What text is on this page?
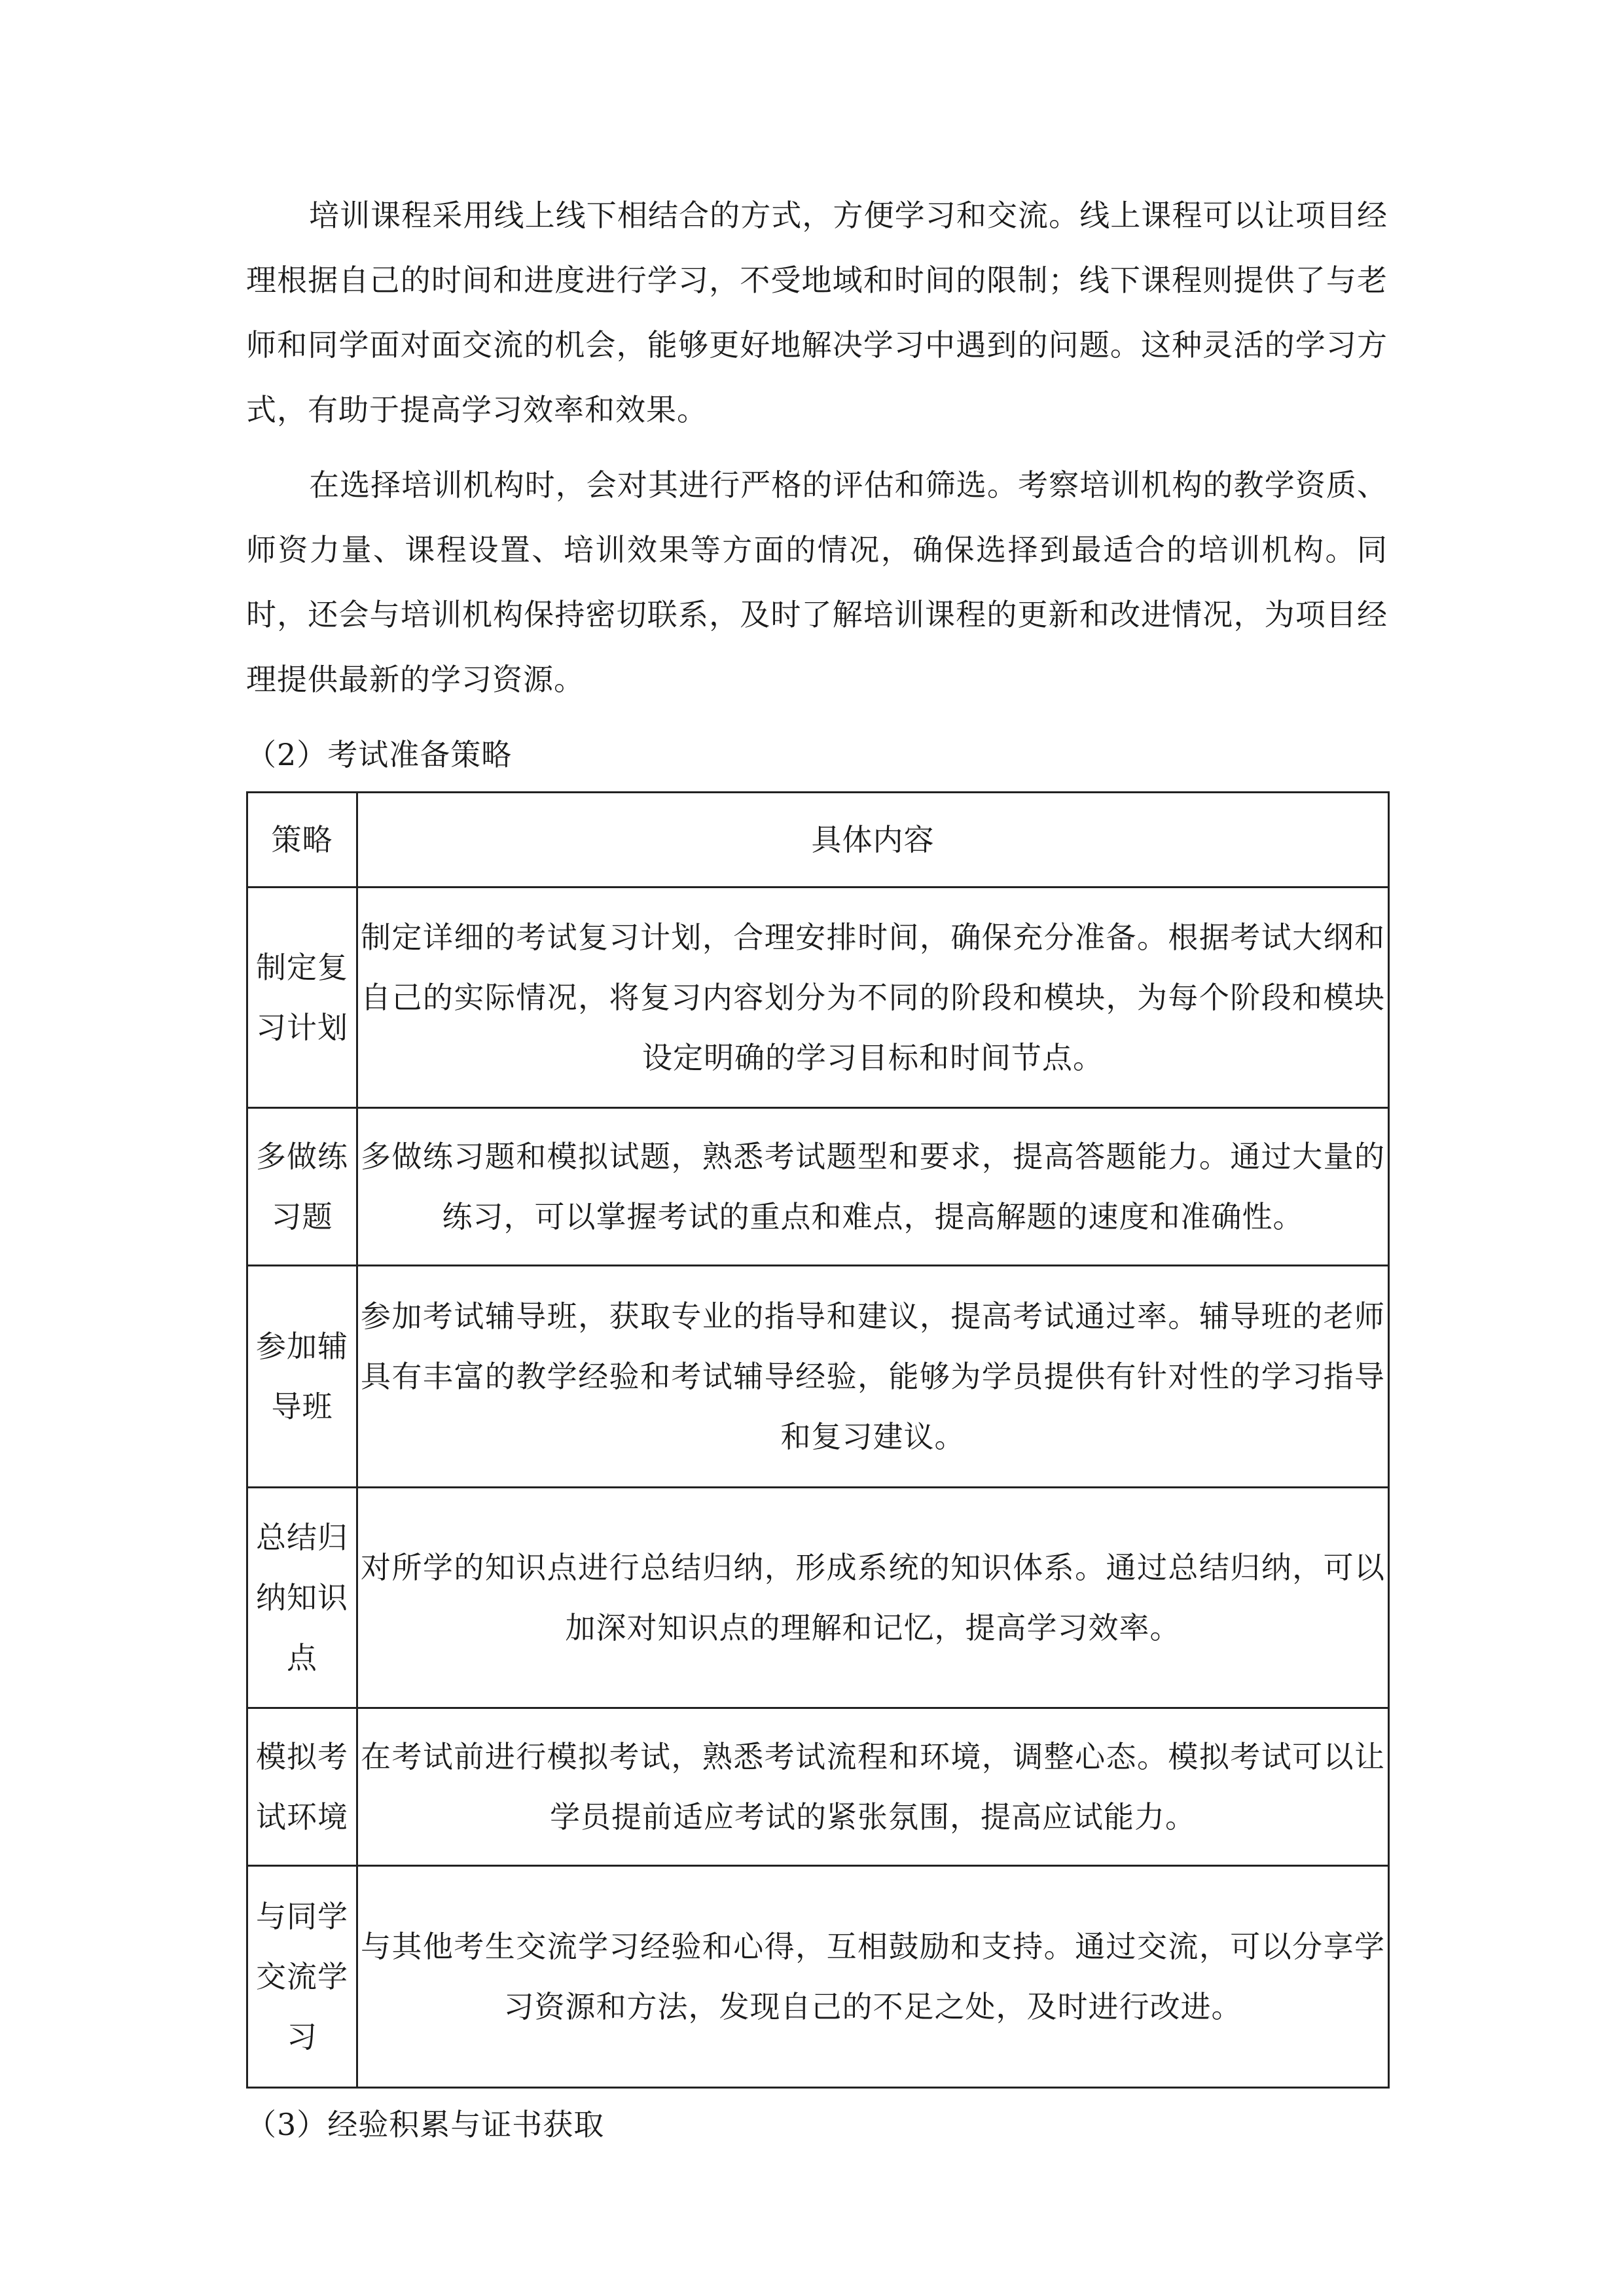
培训课程采用线上线下相结合的方式，方便学习和交流。线上课程可以让项目经理根据自己的时间和进度进行学习，不受地域和时间的限制；线下课程则提供了与老师和同学面对面交流的机会，能够更好地解决学习中遇到的问题。这种灵活的学习方式，有助于提高学习效率和效果。

在选择培训机构时，会对其进行严格的评估和筛选。考察培训机构的教学资质、师资力量、课程设置、培训效果等方面的情况，确保选择到最适合的培训机构。同时，还会与培训机构保持密切联系，及时了解培训课程的更新和改进情况，为项目经理提供最新的学习资源。

（2）考试准备策略
策略	具体内容
制定复习计划	制定详细的考试复习计划，合理安排时间，确保充分准备。根据考试大纲和自己的实际情况，将复习内容划分为不同的阶段和模块，为每个阶段和模块设定明确的学习目标和时间节点。
多做练习题	多做练习题和模拟试题，熟悉考试题型和要求，提高答题能力。通过大量的练习，可以掌握考试的重点和难点，提高解题的速度和准确性。
参加辅导班	参加考试辅导班，获取专业的指导和建议，提高考试通过率。辅导班的老师具有丰富的教学经验和考试辅导经验，能够为学员提供有针对性的学习指导和复习建议。
总结归纳知识点	对所学的知识点进行总结归纳，形成系统的知识体系。通过总结归纳，可以加深对知识点的理解和记忆，提高学习效率。
模拟考试环境	在考试前进行模拟考试，熟悉考试流程和环境，调整心态。模拟考试可以让学员提前适应考试的紧张氛围，提高应试能力。
与同学交流学习	与其他考生交流学习经验和心得，互相鼓励和支持。通过交流，可以分享学习资源和方法，发现自己的不足之处，及时进行改进。
（3）经验积累与证书获取
